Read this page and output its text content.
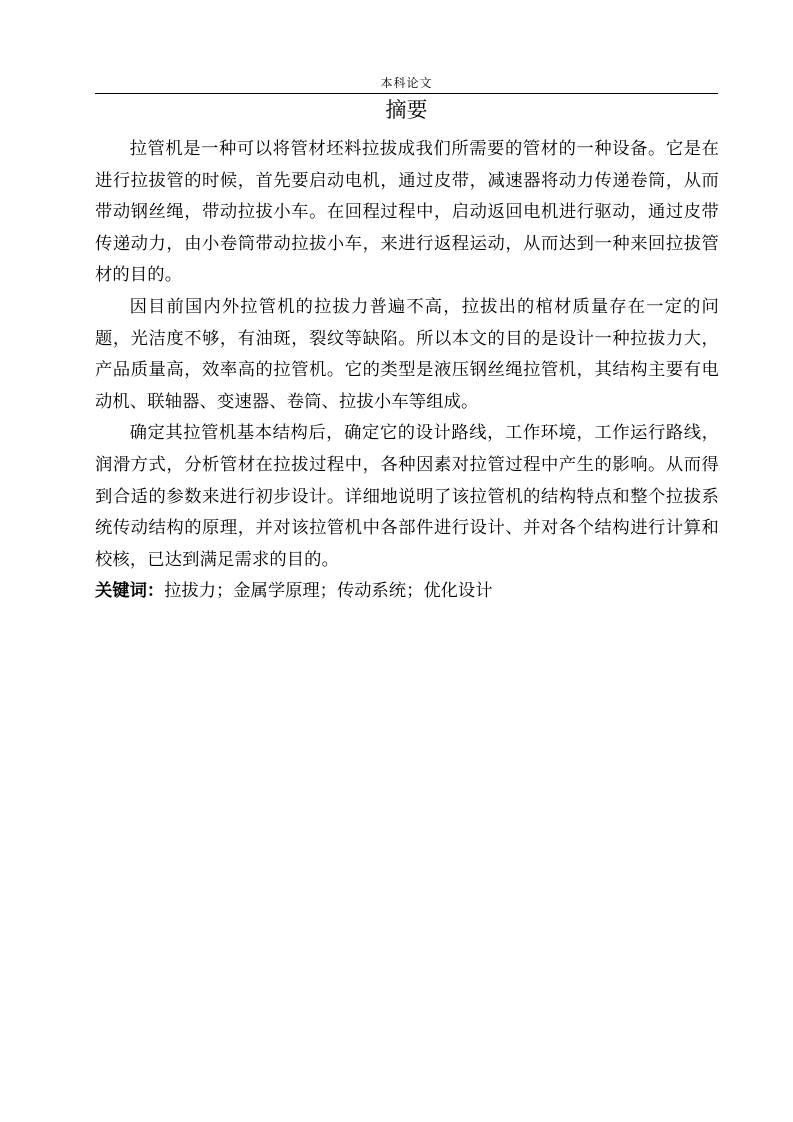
本科论文
摘要

拉管机是一种可以将管材坯料拉拔成我们所需要的管材的一种设备。它是在进行拉拔管的时候，首先要启动电机，通过皮带，减速器将动力传递卷筒，从而带动钢丝绳，带动拉拔小车。在回程过程中，启动返回电机进行驱动，通过皮带传递动力，由小卷筒带动拉拔小车，来进行返程运动，从而达到一种来回拉拔管材的目的。

因目前国内外拉管机的拉拔力普遍不高，拉拔出的棺材质量存在一定的问题，光洁度不够，有油斑，裂纹等缺陷。所以本文的目的是设计一种拉拔力大，产品质量高，效率高的拉管机。它的类型是液压钢丝绳拉管机，其结构主要有电动机、联轴器、变速器、卷筒、拉拔小车等组成。

确定其拉管机基本结构后，确定它的设计路线，工作环境，工作运行路线，润滑方式，分析管材在拉拔过程中，各种因素对拉管过程中产生的影响。从而得到合适的参数来进行初步设计。详细地说明了该拉管机的结构特点和整个拉拔系统传动结构的原理，并对该拉管机中各部件进行设计、并对各个结构进行计算和校核，已达到满足需求的目的。

关键词：拉拔力；金属学原理；传动系统；优化设计
